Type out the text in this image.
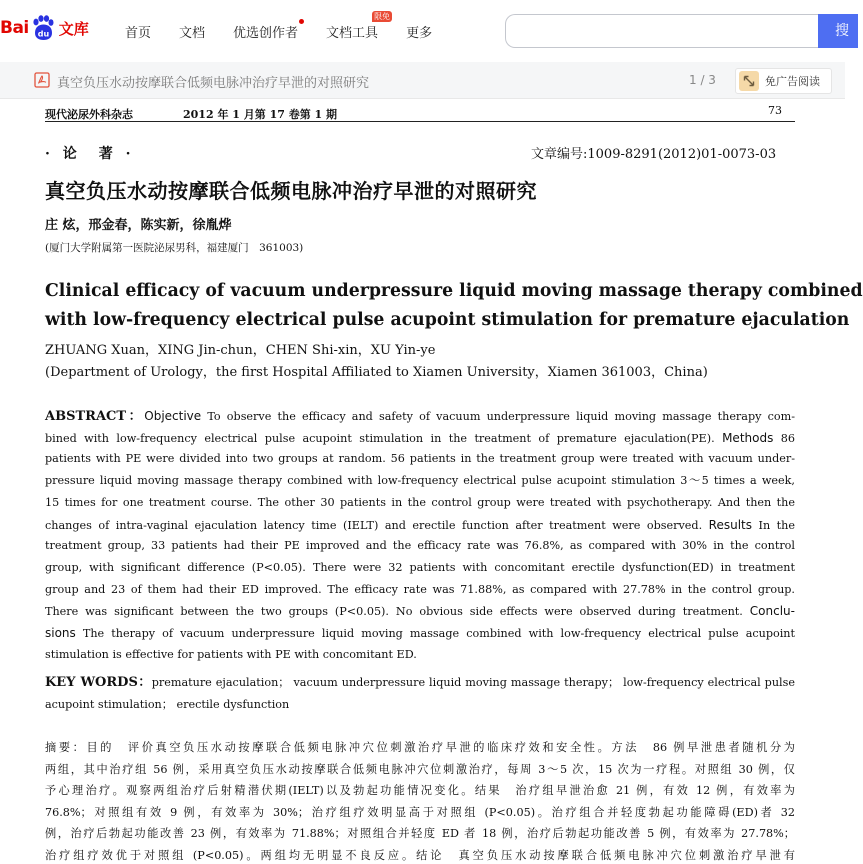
Bai du 文库	首页 文档 优选创作者 文档工具
限免
更多	搜
真空负压水动按摩联合低频电脉冲治疗早泄的对照研究	1 / 3	免广告阅读
现代泌尿外科杂志	2012 年 1 月第 17 卷第 1 期	73
· 论　著 ·	文章编号:1009-8291(2012)01-0073-03
真空负压水动按摩联合低频电脉冲治疗早泄的对照研究
庄 炫，邢金春，陈实新，徐胤烨
(厦门大学附属第一医院泌尿男科，福建厦门　361003)
Clinical efficacy of vacuum underpressure liquid moving massage therapy combined
with low-frequency electrical pulse acupoint stimulation for premature ejaculation
ZHUANG Xuan，XING Jin-chun，CHEN Shi-xin，XU Yin-ye
(Department of Urology，the first Hospital Affiliated to Xiamen University，Xiamen 361003，China)
ABSTRACT：Objective To observe the efficacy and safety of vacuum underpressure liquid moving massage therapy com-
bined with low-frequency electrical pulse acupoint stimulation in the treatment of premature ejaculation(PE). Methods 86
patients with PE were divided into two groups at random. 56 patients in the treatment group were treated with vacuum under-
pressure liquid moving massage therapy combined with low-frequency electrical pulse acupoint stimulation 3～5 times a week,
15 times for one treatment course. The other 30 patients in the control group were treated with psychotherapy. And then the
changes of intra-vaginal ejaculation latency time (IELT) and erectile function after treatment were observed. Results In the
treatment group, 33 patients had their PE improved and the efficacy rate was 76.8%, as compared with 30% in the control
group, with significant difference (P<0.05). There were 32 patients with concomitant erectile dysfunction(ED) in treatment
group and 23 of them had their ED improved. The efficacy rate was 71.88%, as compared with 27.78% in the control group.
There was significant between the two groups (P<0.05). No obvious side effects were observed during treatment. Conclu-
sions The therapy of vacuum underpressure liquid moving massage combined with low-frequency electrical pulse acupoint
stimulation is effective for patients with PE with concomitant ED.
KEY WORDS：premature ejaculation； vacuum underpressure liquid moving massage therapy； low-frequency electrical pulse
acupoint stimulation； erectile dysfunction
摘要：目的　评价真空负压水动按摩联合低频电脉冲穴位刺激治疗早泄的临床疗效和安全性。方法　86 例早泄患者随机分为
两组，其中治疗组 56 例，采用真空负压水动按摩联合低频电脉冲穴位刺激治疗，每周 3～5 次，15 次为一疗程。对照组 30 例，仅
予心理治疗。观察两组治疗后射精潜伏期(IELT)以及勃起功能情况变化。结果　治疗组早泄治愈 21 例，有效 12 例，有效率为
76.8%；对照组有效 9 例，有效率为 30%；治疗组疗效明显高于对照组 (P<0.05)。治疗组合并轻度勃起功能障碍(ED)者 32
例，治疗后勃起功能改善 23 例，有效率为 71.88%；对照组合并轻度 ED 者 18 例，治疗后勃起功能改善 5 例，有效率为 27.78%；
治疗组疗效优于对照组 (P<0.05)。两组均无明显不良反应。结论　真空负压水动按摩联合低频电脉冲穴位刺激治疗早泄有
